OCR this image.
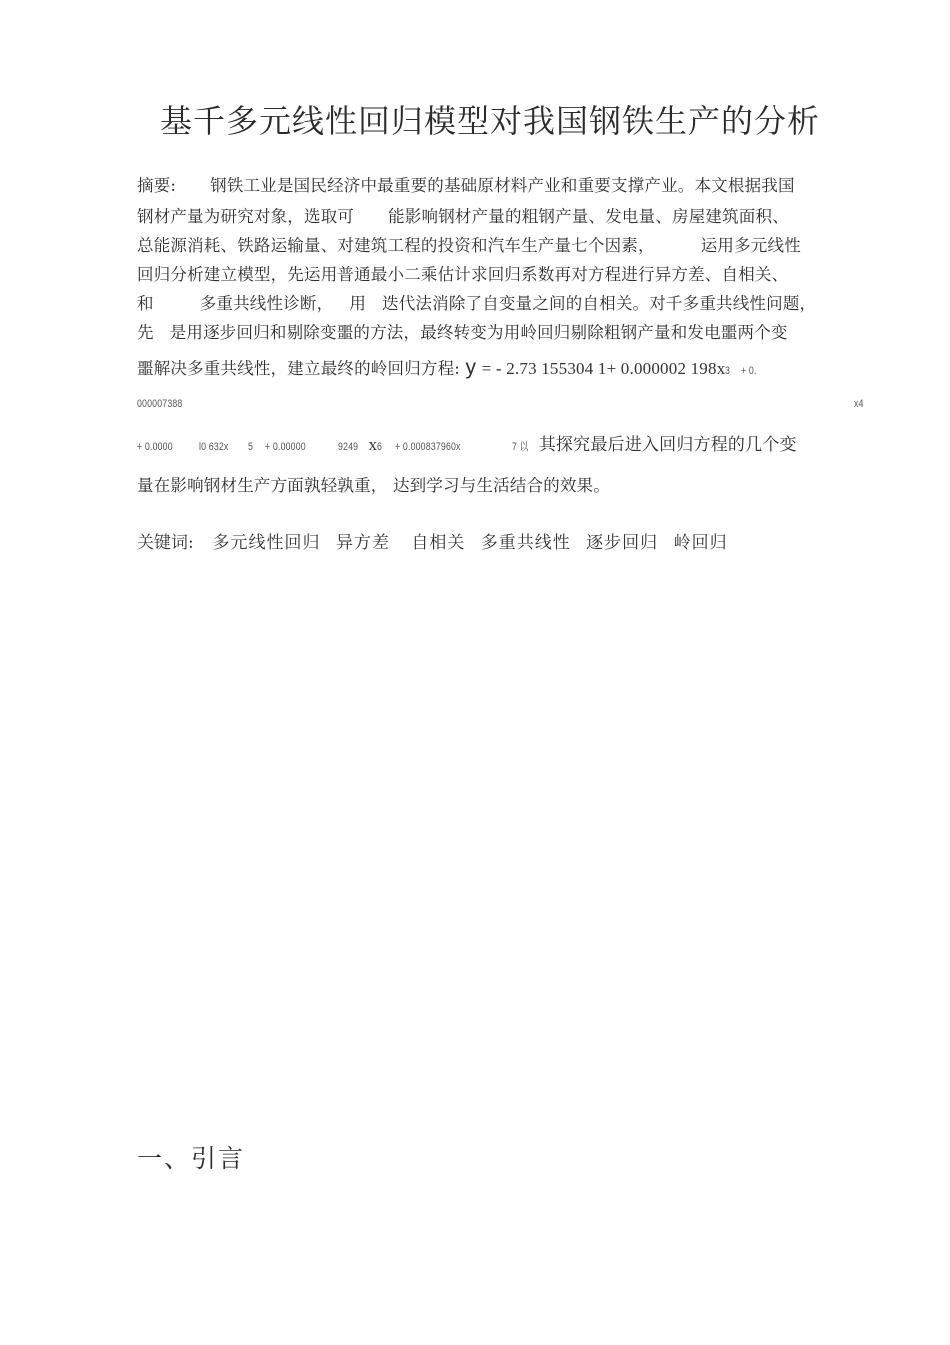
基千多元线性回归模型对我国钢铁生产的分析
摘要: 钢铁工业是国民经济中最重要的基础原材料产业和重要支撑产业。本文根据我国
钢材产量为研究对象，选取可 能影响钢材产量的粗钢产量、发电量、房屋建筑面积、
总能源消耗、铁路运输量、对建筑工程的投资和汽车生产量七个因素，	运用多元线性
回归分析建立模型，先运用普通最小二乘估计求回归系数再对方程进行异方差、自相关、
和	多重共线性诊断， 用 迭代法消除了自变量之间的自相关。对千多重共线性问题，
先 是用逐步回归和剔除变噩的方法，最终转变为用岭回归剔除粗钢产量和发电噩两个变
噩解决多重共线性，建立最终的岭回归方程: y = - 2.73 155304 1+ 0.000002 198x3 + 0.
000007388	x4
+ 0.0000 l0 632x 5 + 0.00000	9249 x6 + 0.000837960x	7 以 其探究最后进入回归方程的几个变
量在影响钢材生产方面孰轻孰重， 达到学习与生活结合的效果。
关键词: 多元线性回归 异方差 自相关 多重共线性 逐步回归 岭回归
一、引言
